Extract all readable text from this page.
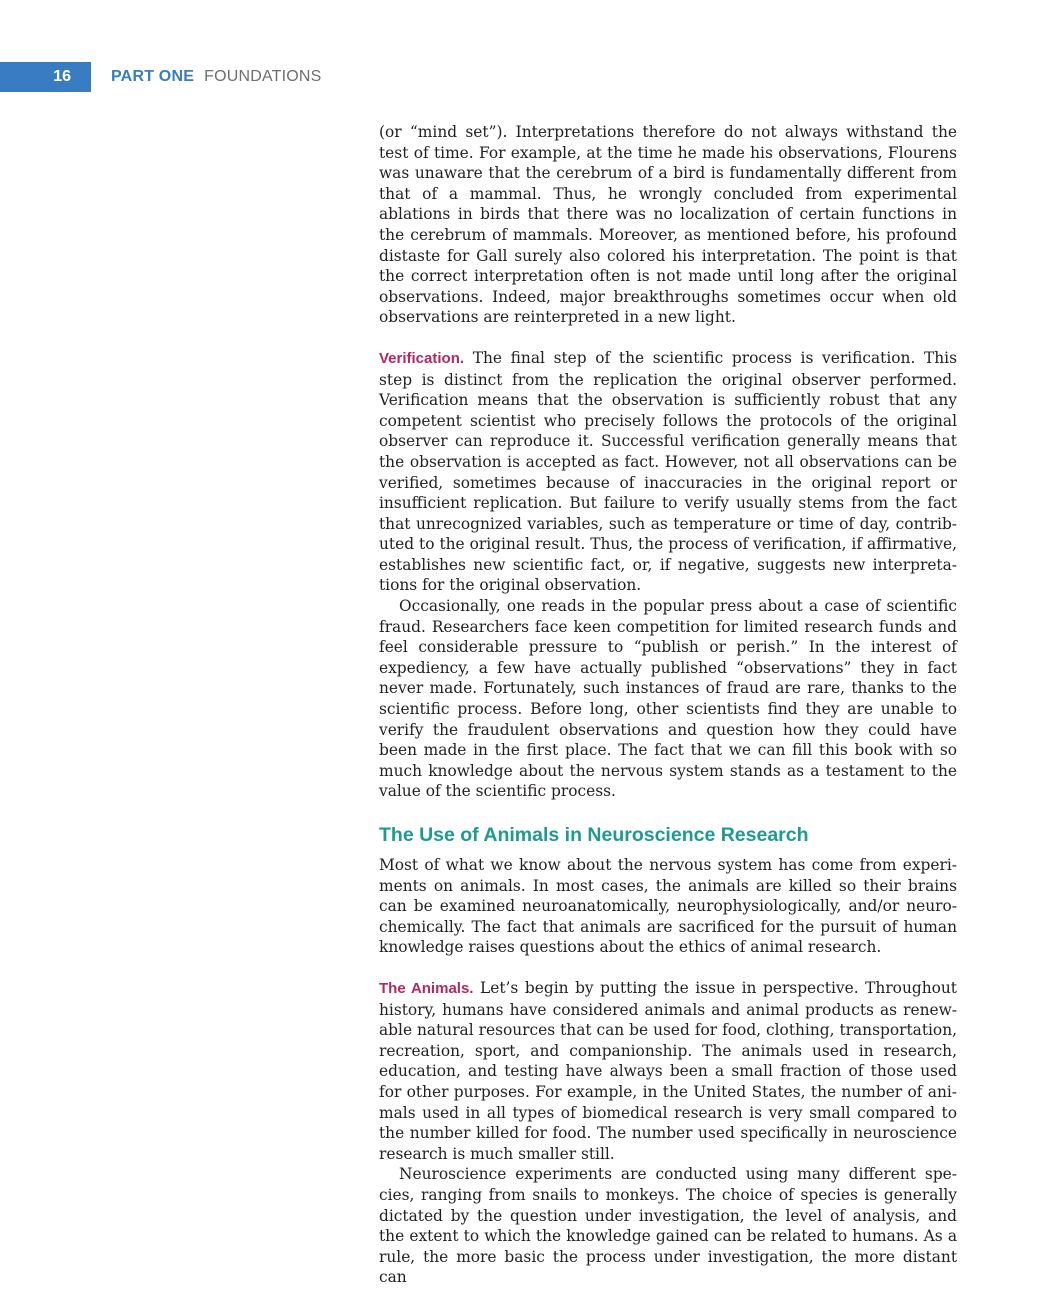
16	PART ONE FOUNDATIONS

(or “mind set”). Interpretations therefore do not always withstand the test of time. For example, at the time he made his observations, Flourens was unaware that the cerebrum of a bird is fundamentally different from that of a mammal. Thus, he wrongly concluded from experimental ablations in birds that there was no localization of certain functions in the cerebrum of mammals. Moreover, as mentioned before, his profound distaste for Gall surely also colored his interpretation. The point is that the correct interpretation often is not made until long after the original observations. Indeed, major breakthroughs sometimes occur when old observations are reinterpreted in a new light.

Verification. The final step of the scientific process is verification. This step is distinct from the replication the original observer performed. Verification means that the observation is sufficiently robust that any competent scientist who precisely follows the protocols of the original observer can reproduce it. Successful verification generally means that the observation is accepted as fact. However, not all observations can be verified, sometimes because of inaccuracies in the original report or insufficient replication. But failure to verify usually stems from the fact that unrecognized variables, such as temperature or time of day, contributed to the original result. Thus, the process of verification, if affirmative, establishes new scientific fact, or, if negative, suggests new interpretations for the original observation.

Occasionally, one reads in the popular press about a case of scientific fraud. Researchers face keen competition for limited research funds and feel considerable pressure to “publish or perish.” In the interest of expediency, a few have actually published “observations” they in fact never made. Fortunately, such instances of fraud are rare, thanks to the scientific process. Before long, other scientists find they are unable to verify the fraudulent observations and question how they could have been made in the first place. The fact that we can fill this book with so much knowledge about the nervous system stands as a testament to the value of the scientific process.

The Use of Animals in Neuroscience Research

Most of what we know about the nervous system has come from experiments on animals. In most cases, the animals are killed so their brains can be examined neuroanatomically, neurophysiologically, and/or neurochemically. The fact that animals are sacrificed for the pursuit of human knowledge raises questions about the ethics of animal research.

The Animals. Let’s begin by putting the issue in perspective. Throughout history, humans have considered animals and animal products as renewable natural resources that can be used for food, clothing, transportation, recreation, sport, and companionship. The animals used in research, education, and testing have always been a small fraction of those used for other purposes. For example, in the United States, the number of animals used in all types of biomedical research is very small compared to the number killed for food. The number used specifically in neuroscience research is much smaller still.

Neuroscience experiments are conducted using many different species, ranging from snails to monkeys. The choice of species is generally dictated by the question under investigation, the level of analysis, and the extent to which the knowledge gained can be related to humans. As a rule, the more basic the process under investigation, the more distant can
